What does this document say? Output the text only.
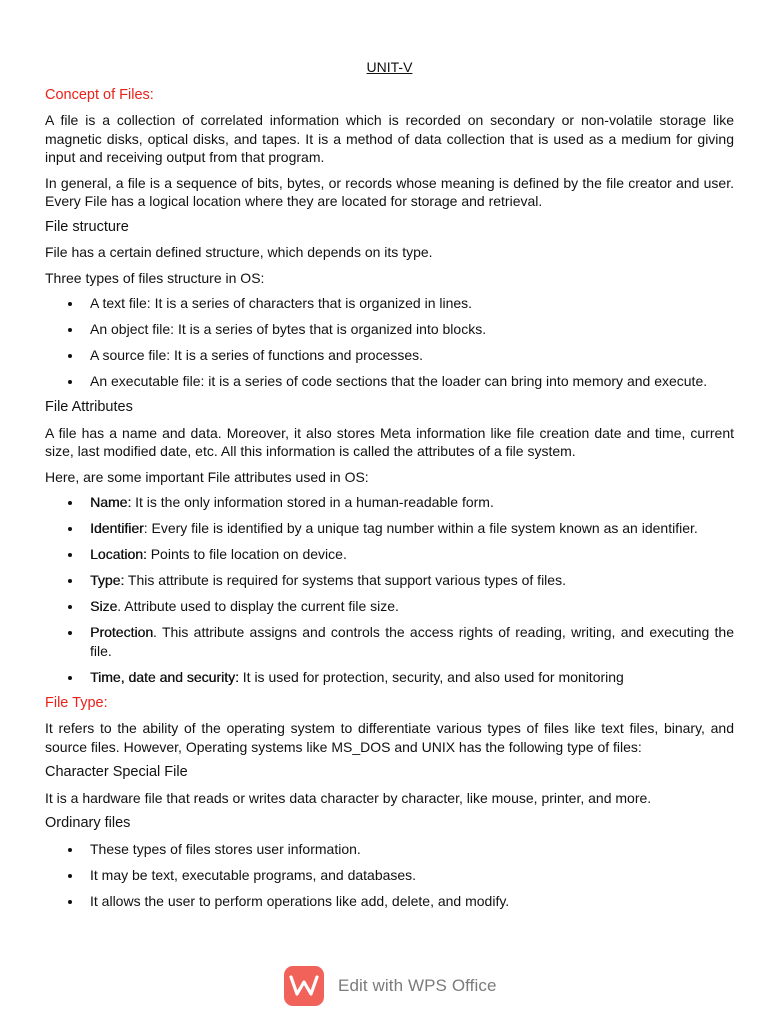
UNIT-V
Concept of Files:

A file is a collection of correlated information which is recorded on secondary or non-volatile storage like magnetic disks, optical disks, and tapes. It is a method of data collection that is used as a medium for giving input and receiving output from that program.

In general, a file is a sequence of bits, bytes, or records whose meaning is defined by the file creator and user. Every File has a logical location where they are located for storage and retrieval.

File structure

File has a certain defined structure, which depends on its type.

Three types of files structure in OS:

A text file: It is a series of characters that is organized in lines.
An object file: It is a series of bytes that is organized into blocks.
A source file: It is a series of functions and processes.
An executable file: it is a series of code sections that the loader can bring into memory and execute.
File Attributes

A file has a name and data. Moreover, it also stores Meta information like file creation date and time, current size, last modified date, etc. All this information is called the attributes of a file system.

Here, are some important File attributes used in OS:

Name: It is the only information stored in a human-readable form.
Identifier: Every file is identified by a unique tag number within a file system known as an identifier.
Location: Points to file location on device.
Type: This attribute is required for systems that support various types of files.
Size. Attribute used to display the current file size.
Protection. This attribute assigns and controls the access rights of reading, writing, and executing the file.
Time, date and security: It is used for protection, security, and also used for monitoring
File Type:

It refers to the ability of the operating system to differentiate various types of files like text files, binary, and source files. However, Operating systems like MS_DOS and UNIX has the following type of files:

Character Special File

It is a hardware file that reads or writes data character by character, like mouse, printer, and more.

Ordinary files
These types of files stores user information.
It may be text, executable programs, and databases.
It allows the user to perform operations like add, delete, and modify.
Edit with WPS Office
